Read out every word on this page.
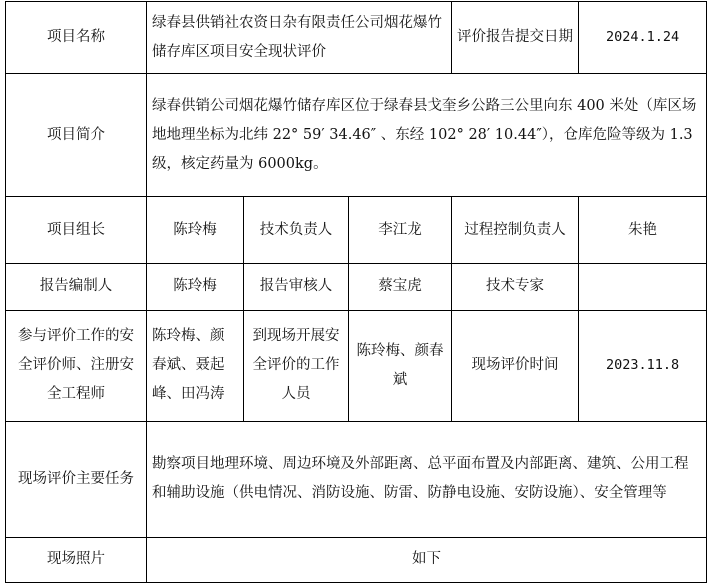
项目名称	绿春县供销社农资日杂有限责任公司烟花爆竹储存库区项目安全现状评价			评价报告提交日期	2024.1.24
项目简介	绿春供销公司烟花爆竹储存库区位于绿春县戈奎乡公路三公里向东 400 米处（库区场地地理坐标为北纬 22° 59′ 34.46″ 、东经 102° 28′ 10.44″），仓库危险等级为 1.3 级，核定药量为 6000kg。				
项目组长	陈玲梅	技术负责人	李江龙	过程控制负责人	朱艳
报告编制人	陈玲梅	报告审核人	蔡宝虎	技术专家	
参与评价工作的安全评价师、注册安全工程师	陈玲梅、颜春斌、聂起峰、田冯涛	到现场开展安全评价的工作人员	陈玲梅、颜春斌	现场评价时间	2023.11.8
现场评价主要任务	勘察项目地理环境、周边环境及外部距离、总平面布置及内部距离、建筑、公用工程和辅助设施（供电情况、消防设施、防雷、防静电设施、安防设施）、安全管理等				
现场照片	如下				
